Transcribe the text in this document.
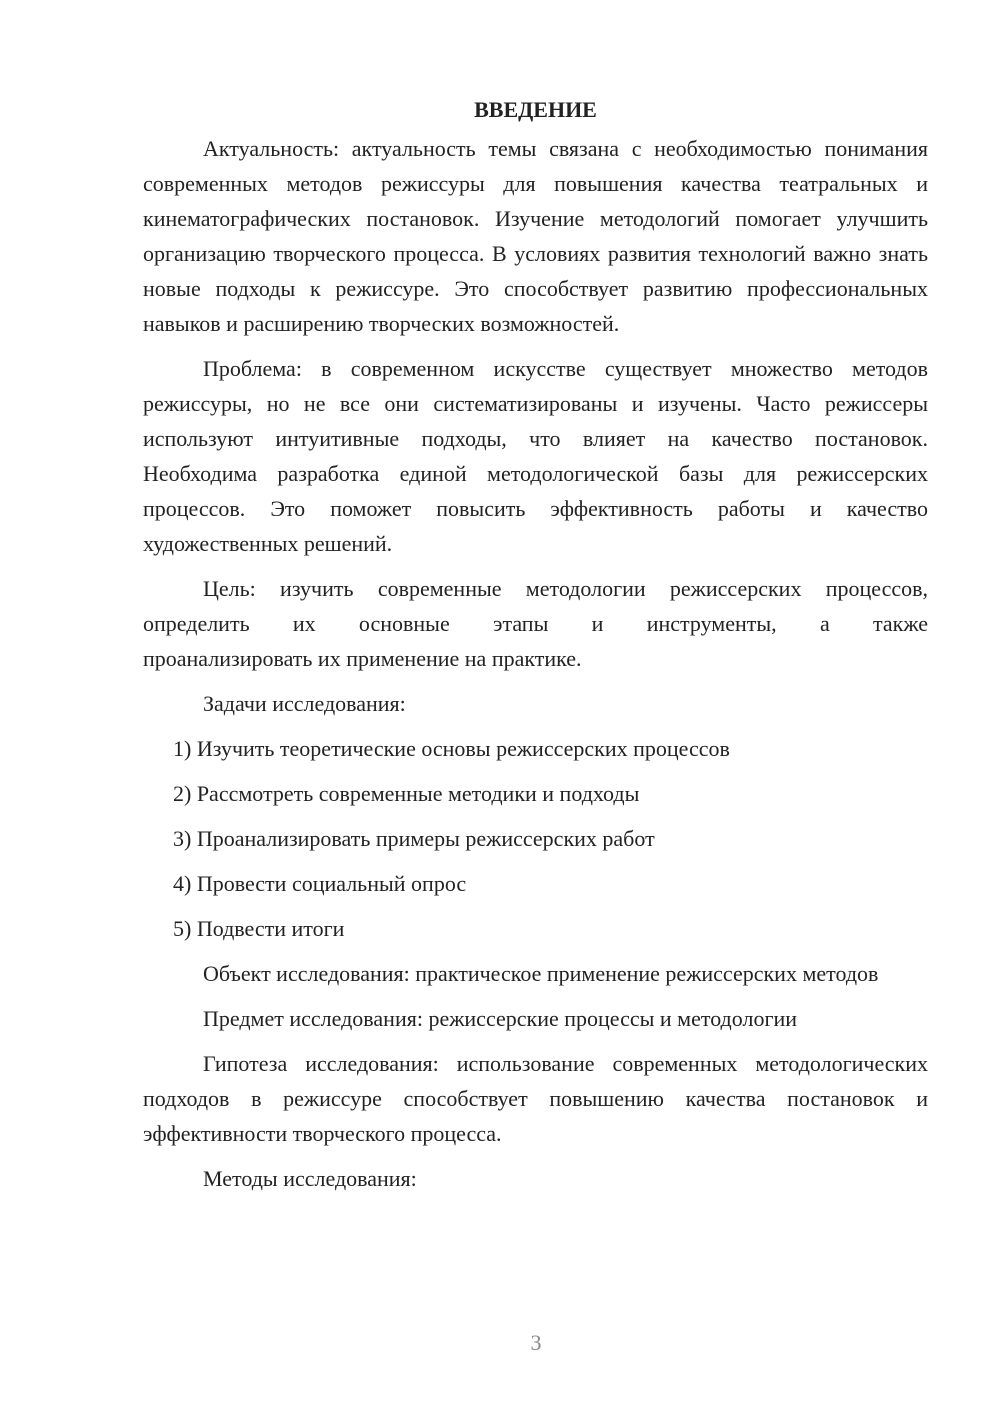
ВВЕДЕНИЕ

Актуальность: актуальность темы связана с необходимостью понимания современных методов режиссуры для повышения качества театральных и кинематографических постановок. Изучение методологий помогает улучшить организацию творческого процесса. В условиях развития технологий важно знать новые подходы к режиссуре. Это способствует развитию профессиональных навыков и расширению творческих возможностей.

Проблема: в современном искусстве существует множество методов режиссуры, но не все они систематизированы и изучены. Часто режиссеры используют интуитивные подходы, что влияет на качество постановок. Необходима разработка единой методологической базы для режиссерских процессов. Это поможет повысить эффективность работы и качество художественных решений.

Цель: изучить современные методологии режиссерских процессов,
определить их основные этапы и инструменты, а также
проанализировать их применение на практике.

Задачи исследования:

1) Изучить теоретические основы режиссерских процессов
2) Рассмотреть современные методики и подходы
3) Проанализировать примеры режиссерских работ
4) Провести социальный опрос
5) Подвести итоги

Объект исследования: практическое применение режиссерских методов

Предмет исследования: режиссерские процессы и методологии

Гипотеза исследования: использование современных методологических подходов в режиссуре способствует повышению качества постановок и эффективности творческого процесса.

Методы исследования:

3
